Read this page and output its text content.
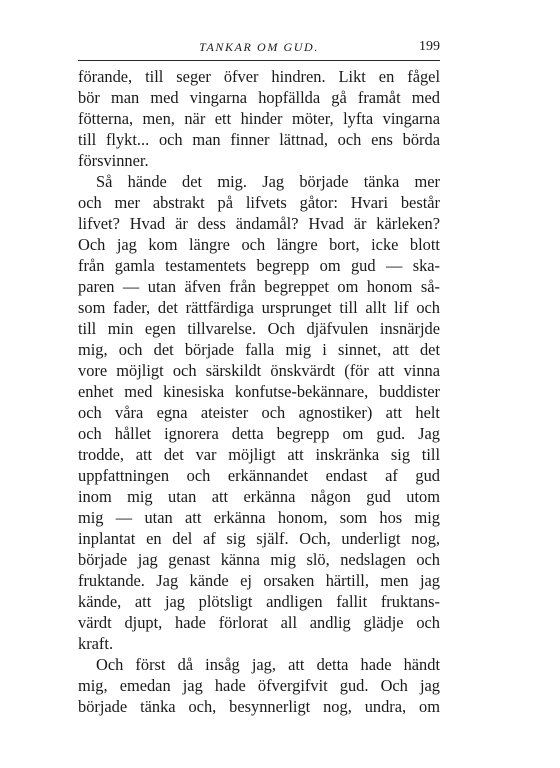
TANKAR OM GUD.	199
förande, till seger öfver hindren. Likt en fågel
bör man med vingarna hopfällda gå framåt med
fötterna, men, när ett hinder möter, lyfta vingarna
till flykt... och man finner lättnad, och ens börda
försvinner.
Så hände det mig. Jag började tänka mer
och mer abstrakt på lifvets gåtor: Hvari består
lifvet? Hvad är dess ändamål? Hvad är kärleken?
Och jag kom längre och längre bort, icke blott
från gamla testamentets begrepp om gud — ska-
paren — utan äfven från begreppet om honom så-
som fader, det rättfärdiga ursprunget till allt lif och
till min egen tillvarelse. Och djäfvulen insnärjde
mig, och det började falla mig i sinnet, att det
vore möjligt och särskildt önskvärdt (för att vinna
enhet med kinesiska konfutse-bekännare, buddister
och våra egna ateister och agnostiker) att helt
och hållet ignorera detta begrepp om gud. Jag
trodde, att det var möjligt att inskränka sig till
uppfattningen och erkännandet endast af gud
inom mig utan att erkänna någon gud utom
mig — utan att erkänna honom, som hos mig
inplantat en del af sig själf. Och, underligt nog,
började jag genast känna mig slö, nedslagen och
fruktande. Jag kände ej orsaken härtill, men jag
kände, att jag plötsligt andligen fallit fruktans-
värdt djupt, hade förlorat all andlig glädje och
kraft.
Och först då insåg jag, att detta hade händt
mig, emedan jag hade öfvergifvit gud. Och jag
började tänka och, besynnerligt nog, undra, om
